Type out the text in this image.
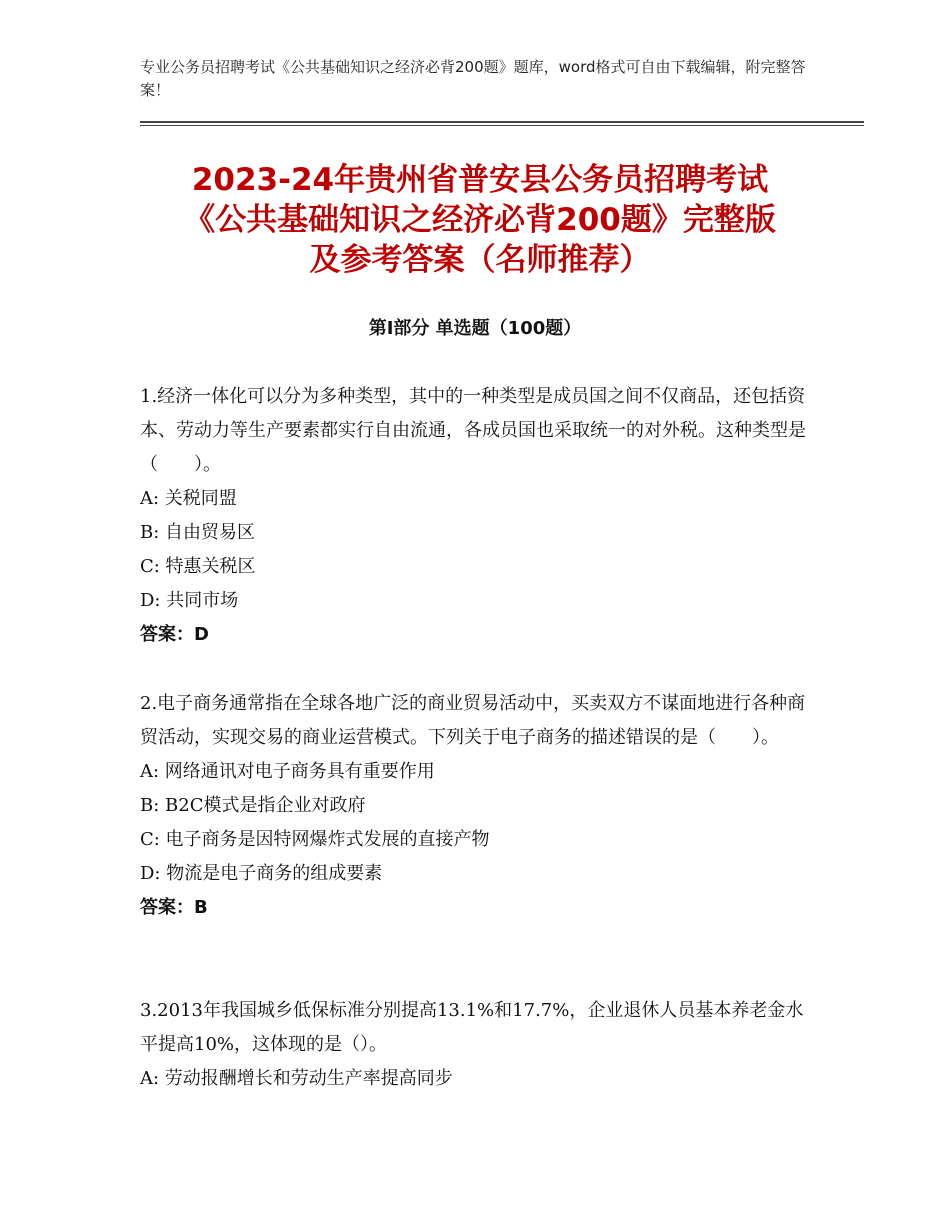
专业公务员招聘考试《公共基础知识之经济必背200题》题库，word格式可自由下载编辑，附完整答案！
2023-24年贵州省普安县公务员招聘考试
《公共基础知识之经济必背200题》完整版
及参考答案（名师推荐）
第Ⅰ部分 单选题（100题）

1.经济一体化可以分为多种类型，其中的一种类型是成员国之间不仅商品，还包括资本、劳动力等生产要素都实行自由流通，各成员国也采取统一的对外税。这种类型是（　　）。

A: 关税同盟

B: 自由贸易区

C: 特惠关税区

D: 共同市场

答案：D

2.电子商务通常指在全球各地广泛的商业贸易活动中，买卖双方不谋面地进行各种商贸活动，实现交易的商业运营模式。下列关于电子商务的描述错误的是（　　）。

A: 网络通讯对电子商务具有重要作用

B: B2C模式是指企业对政府

C: 电子商务是因特网爆炸式发展的直接产物

D: 物流是电子商务的组成要素

答案：B

3.2013年我国城乡低保标准分别提高13.1%和17.7%，企业退休人员基本养老金水平提高10%，这体现的是（）。

A: 劳动报酬增长和劳动生产率提高同步
